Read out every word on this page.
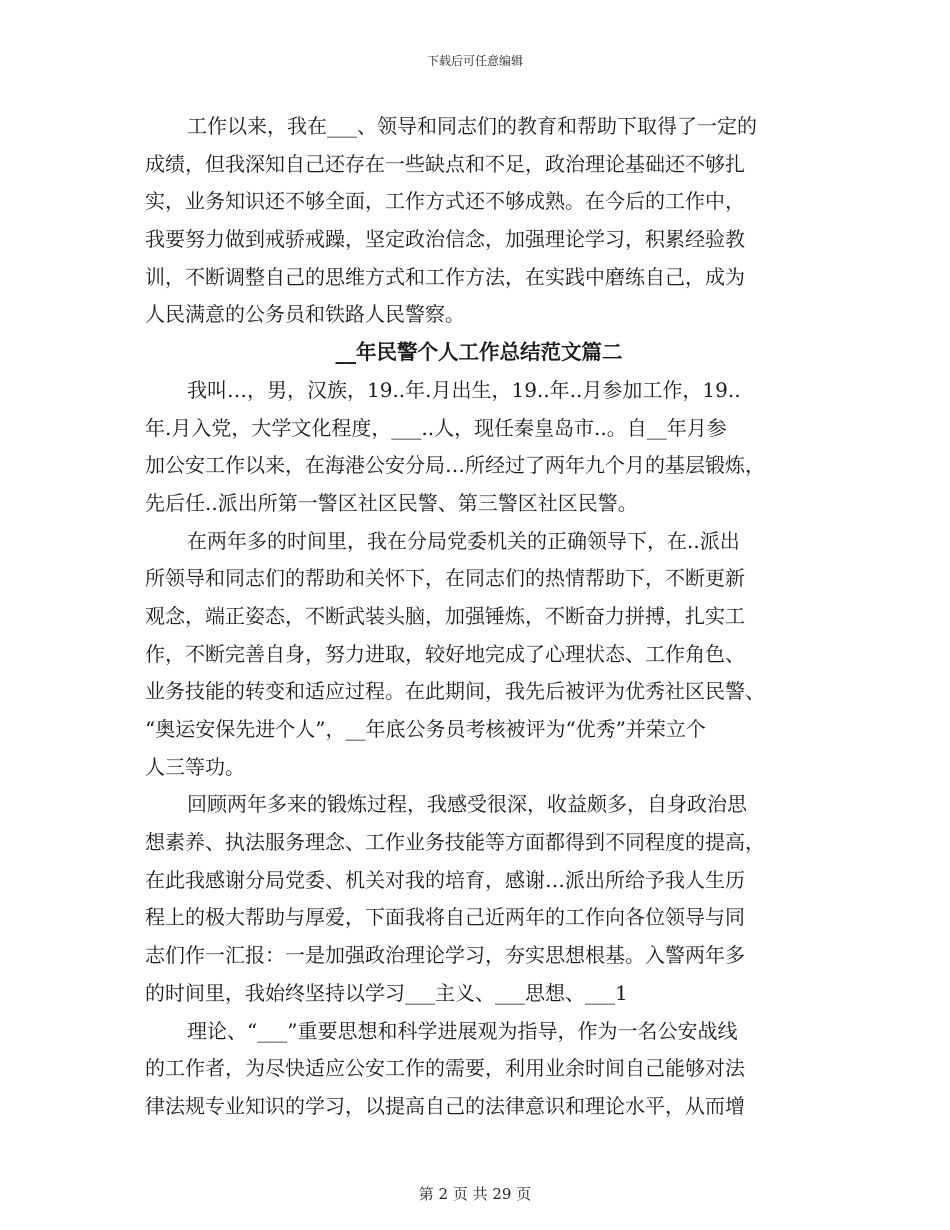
下载后可任意编辑
工作以来，我在___、领导和同志们的教育和帮助下取得了一定的
成绩，但我深知自己还存在一些缺点和不足，政治理论基础还不够扎
实，业务知识还不够全面，工作方式还不够成熟。在今后的工作中，
我要努力做到戒骄戒躁，坚定政治信念，加强理论学习，积累经验教
训，不断调整自己的思维方式和工作方法，在实践中磨练自己，成为
人民满意的公务员和铁路人民警察。
__年民警个人工作总结范文篇二
我叫…，男，汉族，19..年.月出生，19..年..月参加工作，19..
年.月入党，大学文化程度，___..人，现任秦皇岛市..。自__年月参
加公安工作以来，在海港公安分局…所经过了两年九个月的基层锻炼，
先后任..派出所第一警区社区民警、第三警区社区民警。
在两年多的时间里，我在分局党委机关的正确领导下，在..派出
所领导和同志们的帮助和关怀下，在同志们的热情帮助下，不断更新
观念，端正姿态，不断武装头脑，加强锤炼，不断奋力拼搏，扎实工
作，不断完善自身，努力进取，较好地完成了心理状态、工作角色、
业务技能的转变和适应过程。在此期间，我先后被评为优秀社区民警、
“奥运安保先进个人”，__年底公务员考核被评为“优秀”并荣立个
人三等功。
回顾两年多来的锻炼过程，我感受很深，收益颇多，自身政治思
想素养、执法服务理念、工作业务技能等方面都得到不同程度的提高，
在此我感谢分局党委、机关对我的培育，感谢…派出所给予我人生历
程上的极大帮助与厚爱，下面我将自己近两年的工作向各位领导与同
志们作一汇报：一是加强政治理论学习，夯实思想根基。入警两年多
的时间里，我始终坚持以学习___主义、___思想、___1
理论、“___”重要思想和科学进展观为指导，作为一名公安战线
的工作者，为尽快适应公安工作的需要，利用业余时间自己能够对法
律法规专业知识的学习，以提高自己的法律意识和理论水平，从而增
第 2 页 共 29 页
